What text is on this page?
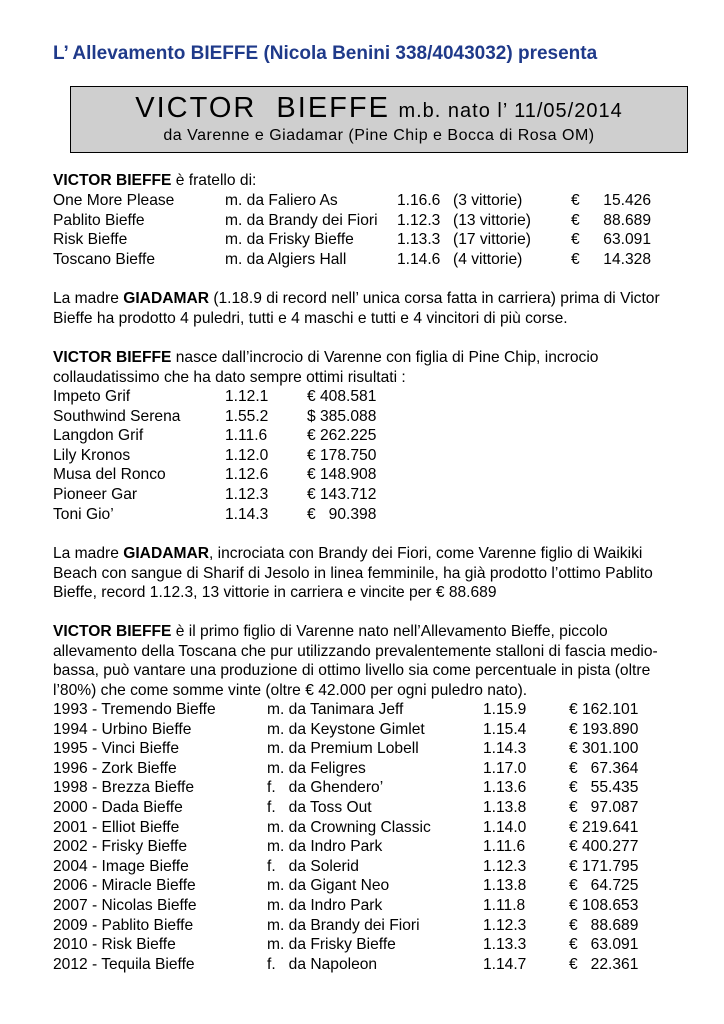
L’ Allevamento BIEFFE (Nicola Benini 338/4043032) presenta
VICTOR  BIEFFE m.b. nato l’ 11/05/2014
da Varenne e Giadamar (Pine Chip e Bocca di Rosa OM)
VICTOR BIEFFE è fratello di:
One More Please	m. da Faliero As	1.16.6 (3 vittorie)	€ 15.426
Pablito Bieffe	m. da Brandy dei Fiori 1.12.3 (13 vittorie)	€ 88.689
Risk Bieffe	m. da Frisky Bieffe	1.13.3 (17 vittorie)	€ 63.091
Toscano Bieffe	m. da Algiers Hall	1.14.6 (4 vittorie)	€ 14.328
La madre GIADAMAR (1.18.9 di record nell’ unica corsa fatta in carriera) prima di Victor Bieffe ha prodotto 4 puledri, tutti e 4 maschi e tutti e 4 vincitori di più corse.
VICTOR BIEFFE nasce dall’incrocio di Varenne con figlia di Pine Chip, incrocio collaudatissimo che ha dato sempre ottimi risultati :
Impeto Grif	1.12.1 € 408.581
Southwind Serena	1.55.2 $ 385.088
Langdon Grif	1.11.6	€ 262.225
Lily Kronos	1.12.0 € 178.750
Musa del Ronco	1.12.6 € 148.908
Pioneer Gar	1.12.3 € 143.712
Toni Gio’	1.14.3 €   90.398
La madre GIADAMAR, incrociata con Brandy dei Fiori, come Varenne figlio di Waikiki Beach con sangue di Sharif di Jesolo in linea femminile, ha già prodotto l’ottimo Pablito Bieffe, record 1.12.3, 13 vittorie in carriera e vincite per € 88.689
VICTOR BIEFFE è il primo figlio di Varenne nato nell’Allevamento Bieffe, piccolo allevamento della Toscana che pur utilizzando prevalentemente stalloni di fascia medio-bassa, può vantare una produzione di ottimo livello sia come percentuale in pista (oltre l’80%) che come somme vinte (oltre € 42.000 per ogni puledro nato).
1993 - Tremendo Bieffe	m. da Tanimara Jeff	1.15.9	€ 162.101
1994 - Urbino Bieffe	m. da Keystone Gimlet	1.15.4	€ 193.890
1995 - Vinci Bieffe	m. da Premium Lobell	1.14.3	€ 301.100
1996 - Zork Bieffe	m. da Feligres	1.17.0	€   67.364
1998 - Brezza Bieffe	f.   da Ghendero’	1.13.6	€   55.435
2000 - Dada Bieffe	f.   da Toss Out	1.13.8	€   97.087
2001 - Elliot Bieffe	m. da Crowning Classic	1.14.0	€ 219.641
2002 - Frisky Bieffe	m. da Indro Park	1.11.6	€ 400.277
2004 - Image Bieffe	f.   da Solerid	1.12.3	€ 171.795
2006 - Miracle Bieffe	m. da Gigant Neo	1.13.8	€   64.725
2007 - Nicolas Bieffe	m. da Indro Park	1.11.8	€ 108.653
2009 - Pablito Bieffe	m. da Brandy dei Fiori	1.12.3	€   88.689
2010 - Risk Bieffe	m. da Frisky Bieffe	1.13.3	€   63.091
2012 - Tequila Bieffe	f.   da Napoleon	1.14.7	€   22.361
